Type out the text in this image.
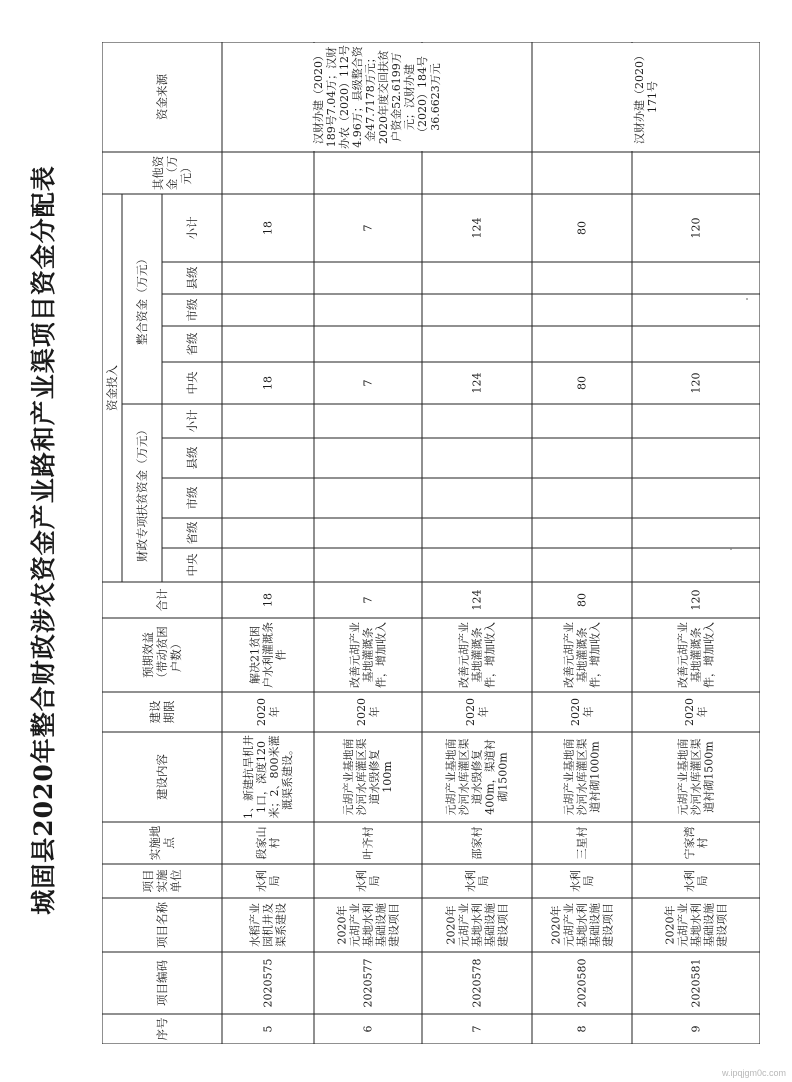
城固县2020年整合财政涉农资金产业路和产业渠项目资金分配表
资金来源
序号
项目编码
项目名称
项目实施单位
实施地点
建设内容
建设期限
预期效益（带动贫困户数）
合计
资金投入
其他资金（万元）
整合资金（万元）
财政专项扶贫资金（万元）
小计
县级
市级
省级
中央
小计
县级
市级
省级
中央
5
2020575
水稻产业园机井及渠系建设
水利局
段家山村
1、新建抗旱机井1口，深度120米；2、800米灌溉渠系建设。
2020年
解决21贫困户水利灌溉条件
18
18
18
6
2020577
2020年元胡产业基地水利基础设施建设项目
水利局
叶齐村
元胡产业基地南沙河水库灌区渠道水毁修复100m
2020年
改善元胡产业基地灌溉条件，增加收入
7
7
7
7
2020578
2020年元胡产业基地水利基础设施建设项目
水利局
邵家村
元胡产业基地南沙河水库灌区渠道水毁修复400m，渠道衬砌1500m
2020年
改善元胡产业基地灌溉条件，增加收入
124
124
124
8
2020580
2020年元胡产业基地水利基础设施建设项目
水利局
三星村
元胡产业基地南沙河水库灌区渠道衬砌1000m
2020年
改善元胡产业基地灌溉条件，增加收入
80
80
80
9
2020581
2020年元胡产业基地水利基础设施建设项目
水利局
宁家湾村
元胡产业基地南沙河水库灌区渠道衬砌1500m
2020年
改善元胡产业基地灌溉条件，增加收入
120
120
120
汉财办建（2020）189号7.04万；汉财办农（2020）112号4.96万；县级整合资金47.7178万元；2020年度交回扶贫户资金52.6199万元；汉财办建（2020）184号36.6623万元	汉财办建（2020）171号
w.ipqjgm0c.com
